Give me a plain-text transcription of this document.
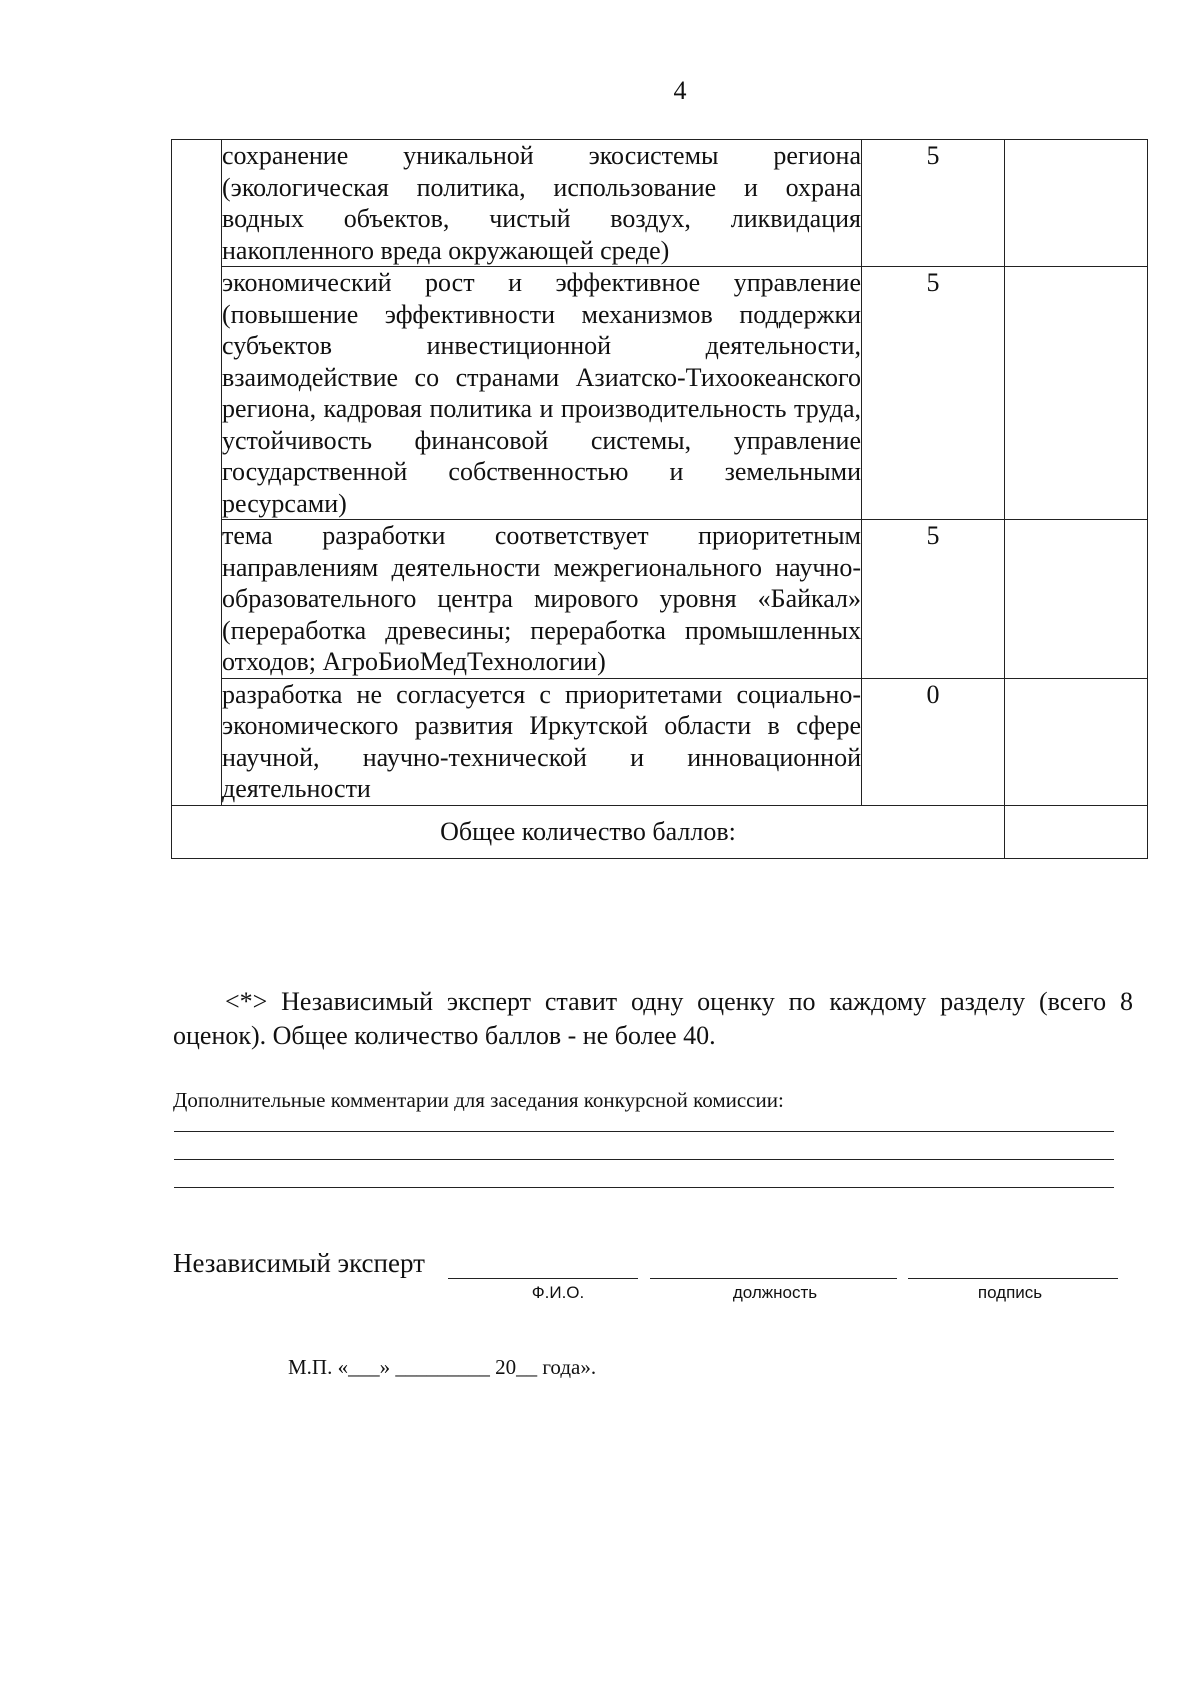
4
	сохранение уникальной экосистемы региона (экологическая политика, использование и охрана водных объектов, чистый воздух, ликвидация накопленного вреда окружающей среде)	5	
	экономический рост и эффективное управление (повышение эффективности механизмов поддержки субъектов инвестиционной деятельности, взаимодействие со странами Азиатско-Тихоокеанского региона, кадровая политика и производительность труда, устойчивость финансовой системы, управление государственной собственностью и земельными ресурсами)	5	
	тема разработки соответствует приоритетным направлениям деятельности межрегионального научно-образовательного центра мирового уровня «Байкал» (переработка древесины; переработка промышленных отходов; АгроБиоМедТехнологии)	5	
	разработка не согласуется с приоритетами социально-экономического развития Иркутской области в сфере научной, научно-технической и инновационной деятельности	0	
Общее количество баллов:			

<*> Независимый эксперт ставит одну оценку по каждому разделу (всего 8 оценок). Общее количество баллов - не более 40.

Дополнительные комментарии для заседания конкурсной комиссии:

Независимый эксперт
Ф.И.О.	должность	подпись
М.П. «___» _________ 20__ года».
